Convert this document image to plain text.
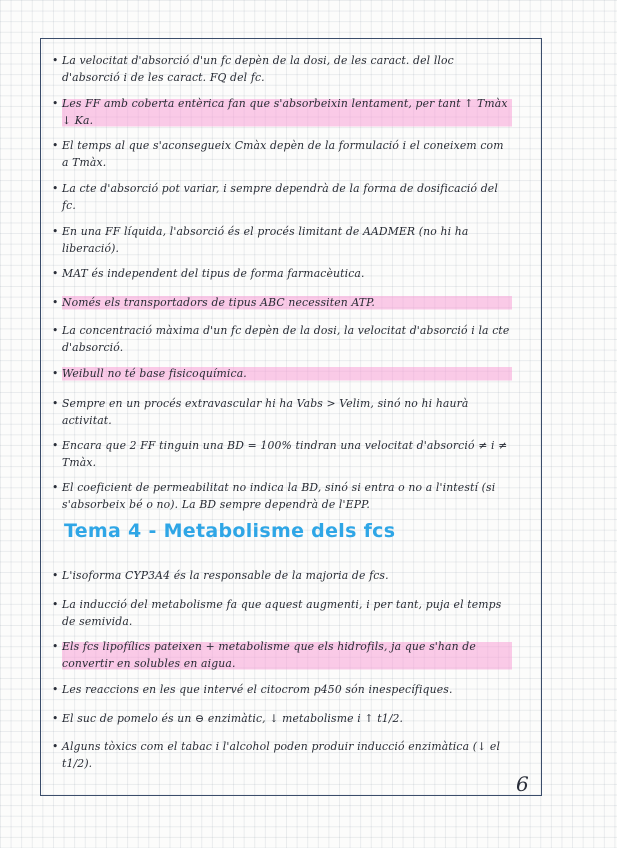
• La velocitat d'absorció d'un fc depèn de la dosi, de les caract. del lloc d'absorció i de les caract. FQ del fc.
• Les FF amb coberta entèrica fan que s'absorbeixin lentament, per tant ↑ Tmàx ↓ Ka.
• El temps al que s'aconsegueix Cmàx depèn de la formulació i el coneixem com a Tmàx.
• La cte d'absorció pot variar, i sempre dependrà de la forma de dosificació del fc.
• En una FF líquida, l'absorció és el procés limitant de AADMER (no hi ha liberació).
• MAT és independent del tipus de forma farmacèutica.
• Només els transportadors de tipus ABC necessiten ATP.
• La concentració màxima d'un fc depèn de la dosi, la velocitat d'absorció i la cte d'absorció.
• Weibull no té base fisicoquímica.
• Sempre en un procés extravascular hi ha Vabs > Velim, sinó no hi haurà activitat.
• Encara que 2 FF tinguin una BD = 100% tindran una velocitat d'absorció ≠ i ≠ Tmàx.
• El coeficient de permeabilitat no indica la BD, sinó si entra o no a l'intestí (si s'absorbeix bé o no). La BD sempre dependrà de l'EPP.
Tema 4 - Metabolisme dels fcs
• L'isoforma CYP3A4 és la responsable de la majoria de fcs.
• La inducció del metabolisme fa que aquest augmenti, i per tant, puja el temps de semivida.
• Els fcs lipofílics pateixen + metabolisme que els hidrofils, ja que s'han de convertir en solubles en aigua.
• Les reaccions en les que intervé el citocrom p450 són inespecífiques.
• El suc de pomelo és un ⊖ enzimàtic, ↓ metabolisme i ↑ t1/2.
• Alguns tòxics com el tabac i l'alcohol poden produir inducció enzimàtica (↓ el t1/2).
6
